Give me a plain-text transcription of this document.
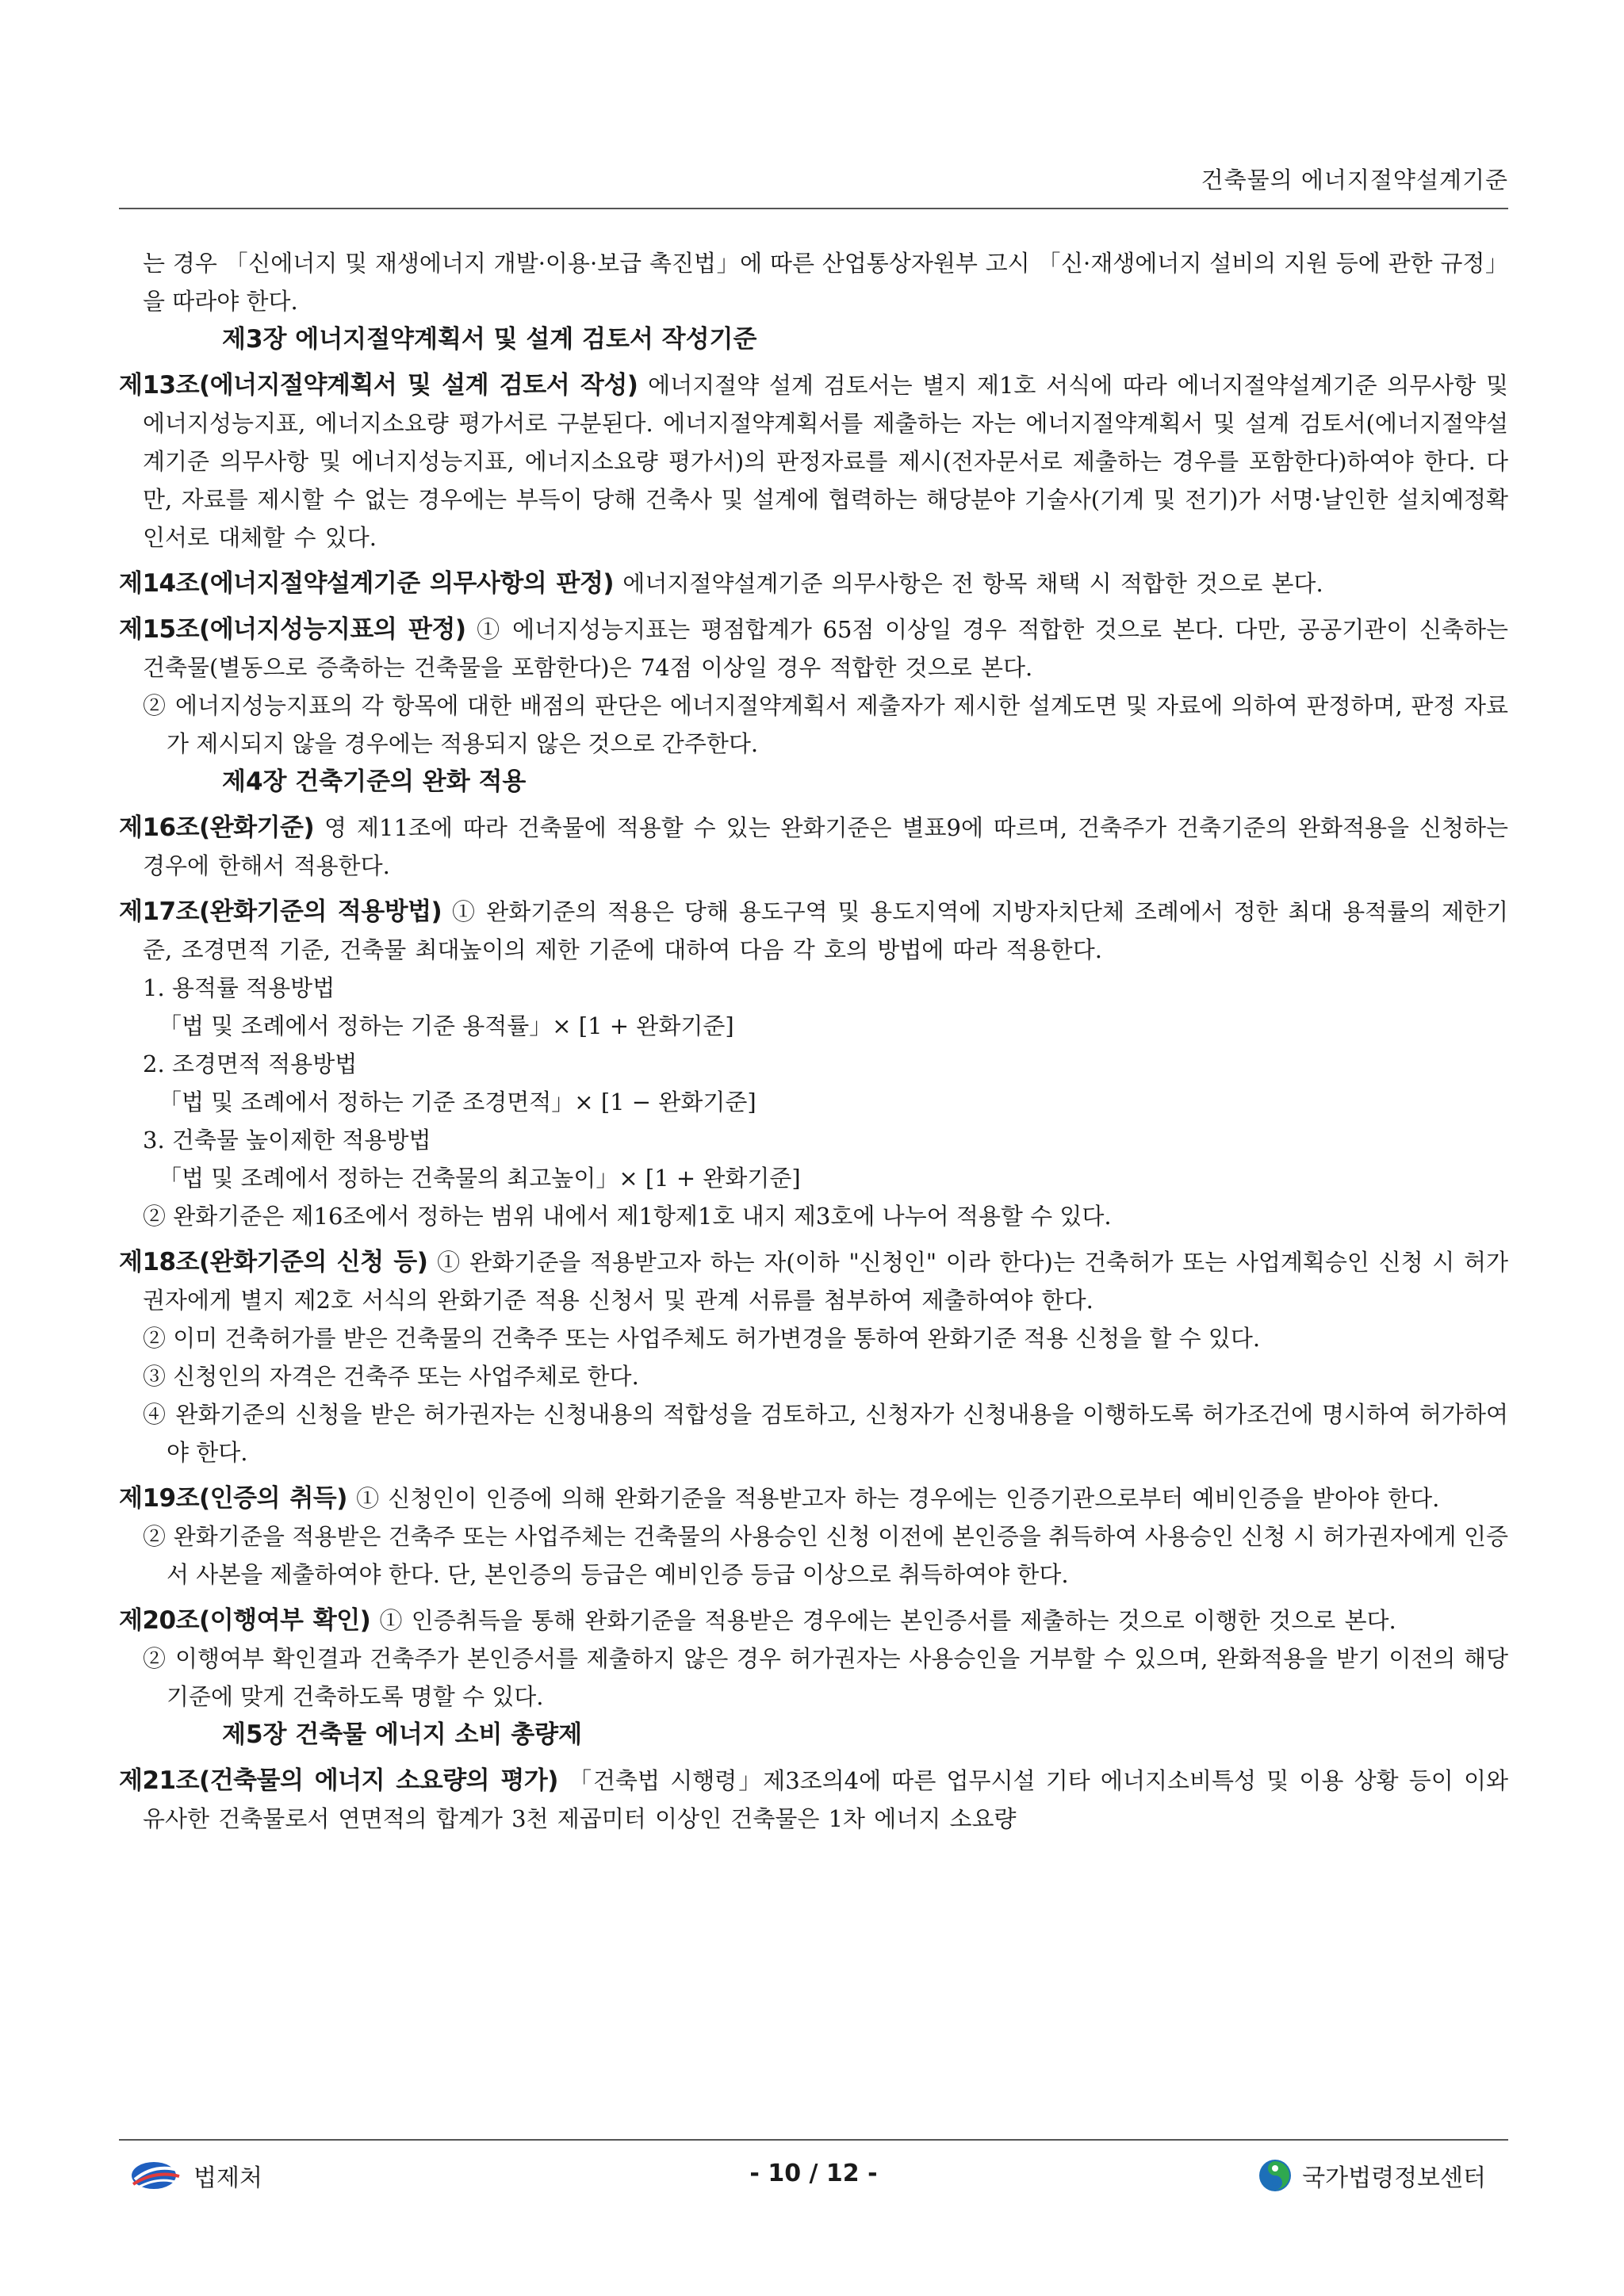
건축물의 에너지절약설계기준
는 경우 「신에너지 및 재생에너지 개발·이용·보급 촉진법」에 따른 산업통상자원부 고시 「신·재생에너지 설비의 지원 등에 관한 규정」을 따라야 한다.
제3장 에너지절약계획서 및 설계 검토서 작성기준
제13조(에너지절약계획서 및 설계 검토서 작성) 에너지절약 설계 검토서는 별지 제1호 서식에 따라 에너지절약설계기준 의무사항 및 에너지성능지표, 에너지소요량 평가서로 구분된다. 에너지절약계획서를 제출하는 자는 에너지절약계획서 및 설계 검토서(에너지절약설계기준 의무사항 및 에너지성능지표, 에너지소요량 평가서)의 판정자료를 제시(전자문서로 제출하는 경우를 포함한다)하여야 한다. 다만, 자료를 제시할 수 없는 경우에는 부득이 당해 건축사 및 설계에 협력하는 해당분야 기술사(기계 및 전기)가 서명·날인한 설치예정확인서로 대체할 수 있다.
제14조(에너지절약설계기준 의무사항의 판정) 에너지절약설계기준 의무사항은 전 항목 채택 시 적합한 것으로 본다.
제15조(에너지성능지표의 판정) ① 에너지성능지표는 평점합계가 65점 이상일 경우 적합한 것으로 본다. 다만, 공공기관이 신축하는 건축물(별동으로 증축하는 건축물을 포함한다)은 74점 이상일 경우 적합한 것으로 본다.
② 에너지성능지표의 각 항목에 대한 배점의 판단은 에너지절약계획서 제출자가 제시한 설계도면 및 자료에 의하여 판정하며, 판정 자료가 제시되지 않을 경우에는 적용되지 않은 것으로 간주한다.
제4장 건축기준의 완화 적용
제16조(완화기준) 영 제11조에 따라 건축물에 적용할 수 있는 완화기준은 별표9에 따르며, 건축주가 건축기준의 완화적용을 신청하는 경우에 한해서 적용한다.
제17조(완화기준의 적용방법) ① 완화기준의 적용은 당해 용도구역 및 용도지역에 지방자치단체 조례에서 정한 최대 용적률의 제한기준, 조경면적 기준, 건축물 최대높이의 제한 기준에 대하여 다음 각 호의 방법에 따라 적용한다.
1. 용적률 적용방법
「법 및 조례에서 정하는 기준 용적률」× [1 + 완화기준]
2. 조경면적 적용방법
「법 및 조례에서 정하는 기준 조경면적」× [1 − 완화기준]
3. 건축물 높이제한 적용방법
「법 및 조례에서 정하는 건축물의 최고높이」× [1 + 완화기준]
② 완화기준은 제16조에서 정하는 범위 내에서 제1항제1호 내지 제3호에 나누어 적용할 수 있다.
제18조(완화기준의 신청 등) ① 완화기준을 적용받고자 하는 자(이하 "신청인" 이라 한다)는 건축허가 또는 사업계획승인 신청 시 허가권자에게 별지 제2호 서식의 완화기준 적용 신청서 및 관계 서류를 첨부하여 제출하여야 한다.
② 이미 건축허가를 받은 건축물의 건축주 또는 사업주체도 허가변경을 통하여 완화기준 적용 신청을 할 수 있다.
③ 신청인의 자격은 건축주 또는 사업주체로 한다.
④ 완화기준의 신청을 받은 허가권자는 신청내용의 적합성을 검토하고, 신청자가 신청내용을 이행하도록 허가조건에 명시하여 허가하여야 한다.
제19조(인증의 취득) ① 신청인이 인증에 의해 완화기준을 적용받고자 하는 경우에는 인증기관으로부터 예비인증을 받아야 한다.
② 완화기준을 적용받은 건축주 또는 사업주체는 건축물의 사용승인 신청 이전에 본인증을 취득하여 사용승인 신청 시 허가권자에게 인증서 사본을 제출하여야 한다. 단, 본인증의 등급은 예비인증 등급 이상으로 취득하여야 한다.
제20조(이행여부 확인) ① 인증취득을 통해 완화기준을 적용받은 경우에는 본인증서를 제출하는 것으로 이행한 것으로 본다.
② 이행여부 확인결과 건축주가 본인증서를 제출하지 않은 경우 허가권자는 사용승인을 거부할 수 있으며, 완화적용을 받기 이전의 해당 기준에 맞게 건축하도록 명할 수 있다.
제5장 건축물 에너지 소비 총량제
제21조(건축물의 에너지 소요량의 평가) 「건축법 시행령」제3조의4에 따른 업무시설 기타 에너지소비특성 및 이용 상황 등이 이와 유사한 건축물로서 연면적의 합계가 3천 제곱미터 이상인 건축물은 1차 에너지 소요량
법제처	- 10 / 12 -	국가법령정보센터
